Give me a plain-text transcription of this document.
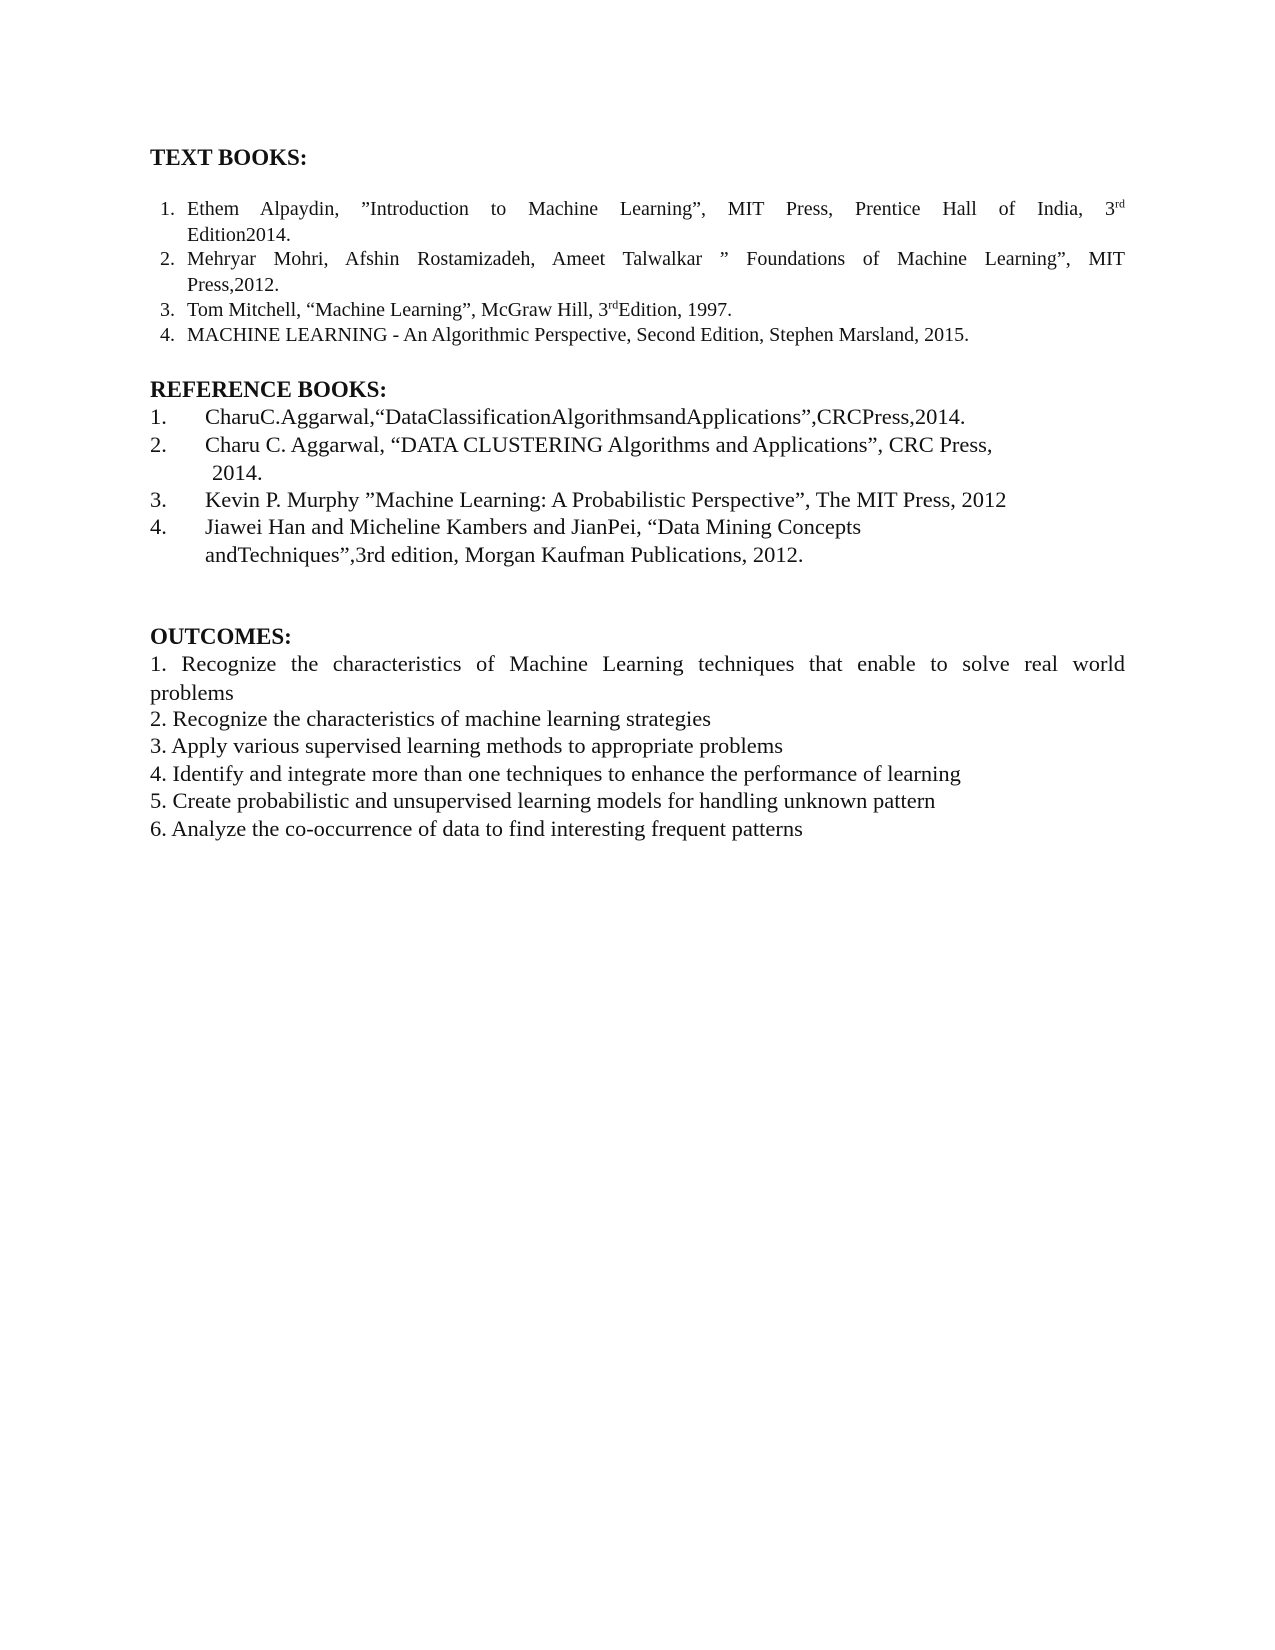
TEXT BOOKS:
1. Ethem Alpaydin, ”Introduction to Machine Learning”, MIT Press, Prentice Hall of India, 3rd
Edition2014.
2. Mehryar Mohri, Afshin Rostamizadeh, Ameet Talwalkar ” Foundations of Machine Learning”, MIT
Press,2012.
3. Tom Mitchell, “Machine Learning”, McGraw Hill, 3rdEdition, 1997.
4. MACHINE LEARNING - An Algorithmic Perspective, Second Edition, Stephen Marsland, 2015.
REFERENCE BOOKS:
1. CharuC.Aggarwal,“DataClassificationAlgorithmsandApplications”,CRCPress,2014.
2. Charu C. Aggarwal, “DATA CLUSTERING Algorithms and Applications”, CRC Press,
2014.
3. Kevin P. Murphy ”Machine Learning: A Probabilistic Perspective”, The MIT Press, 2012
4. Jiawei Han and Micheline Kambers and JianPei, “Data Mining Concepts
andTechniques”,3rd edition, Morgan Kaufman Publications, 2012.
OUTCOMES:
1. Recognize the characteristics of Machine Learning techniques that enable to solve real world
problems
2. Recognize the characteristics of machine learning strategies
3. Apply various supervised learning methods to appropriate problems
4. Identify and integrate more than one techniques to enhance the performance of learning
5. Create probabilistic and unsupervised learning models for handling unknown pattern
6. Analyze the co-occurrence of data to find interesting frequent patterns
